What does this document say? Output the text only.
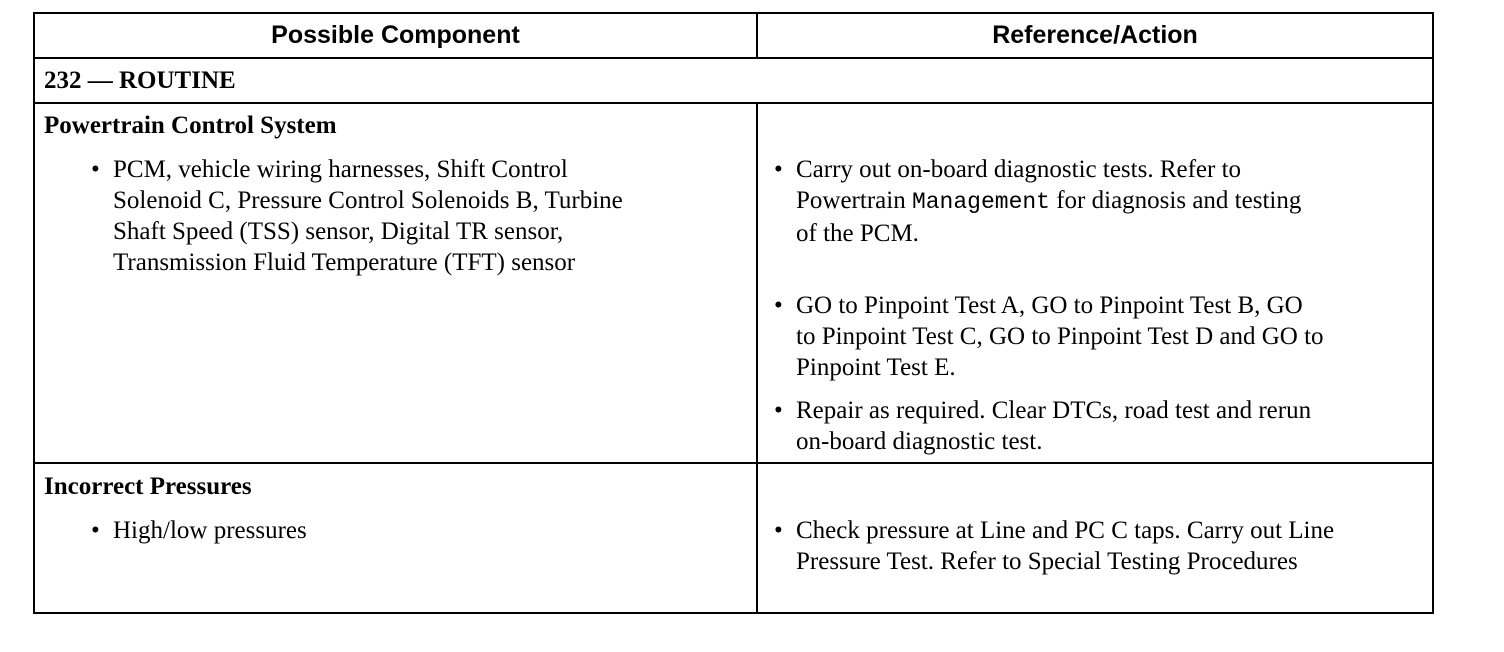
Possible Component	Reference/Action
232 — ROUTINE
Powertrain Control System
• PCM, vehicle wiring harnesses, Shift Control
Solenoid C, Pressure Control Solenoids B, Turbine
Shaft Speed (TSS) sensor, Digital TR sensor,
Transmission Fluid Temperature (TFT) sensor
• Carry out on-board diagnostic tests. Refer to
Powertrain Management for diagnosis and testing
of the PCM.
• GO to Pinpoint Test A, GO to Pinpoint Test B, GO
to Pinpoint Test C, GO to Pinpoint Test D and GO to
Pinpoint Test E.
• Repair as required. Clear DTCs, road test and rerun
on-board diagnostic test.
Incorrect Pressures
• High/low pressures	• Check pressure at Line and PC C taps. Carry out Line
Pressure Test. Refer to Special Testing Procedures
